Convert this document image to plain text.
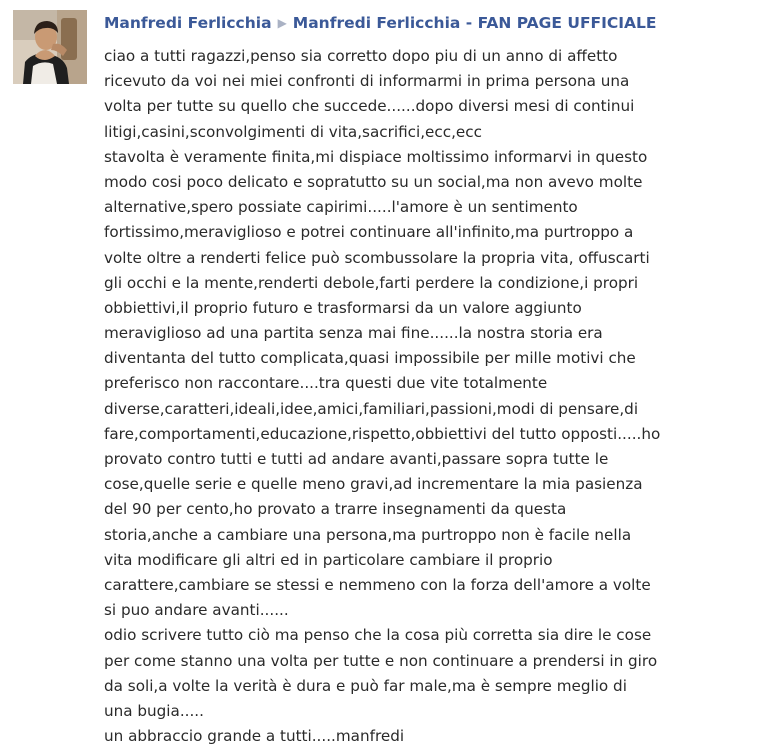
Manfredi Ferlicchia ▶ Manfredi Ferlicchia - FAN PAGE UFFICIALE
ciao a tutti ragazzi,penso sia corretto dopo piu di un anno di affetto
ricevuto da voi nei miei confronti di informarmi in prima persona una
volta per tutte su quello che succede......dopo diversi mesi di continui
litigi,casini,sconvolgimenti di vita,sacrifici,ecc,ecc
stavolta è veramente finita,mi dispiace moltissimo informarvi in questo
modo cosi poco delicato e sopratutto su un social,ma non avevo molte
alternative,spero possiate capirimi.....l'amore è un sentimento
fortissimo,meraviglioso e potrei continuare all'infinito,ma purtroppo a
volte oltre a renderti felice può scombussolare la propria vita, offuscarti
gli occhi e la mente,renderti debole,farti perdere la condizione,i propri
obbiettivi,il proprio futuro e trasformarsi da un valore aggiunto
meraviglioso ad una partita senza mai fine......la nostra storia era
diventanta del tutto complicata,quasi impossibile per mille motivi che
preferisco non raccontare....tra questi due vite totalmente
diverse,caratteri,ideali,idee,amici,familiari,passioni,modi di pensare,di
fare,comportamenti,educazione,rispetto,obbiettivi del tutto opposti.....ho
provato contro tutti e tutti ad andare avanti,passare sopra tutte le
cose,quelle serie e quelle meno gravi,ad incrementare la mia pasienza
del 90 per cento,ho provato a trarre insegnamenti da questa
storia,anche a cambiare una persona,ma purtroppo non è facile nella
vita modificare gli altri ed in particolare cambiare il proprio
carattere,cambiare se stessi e nemmeno con la forza dell'amore a volte
si puo andare avanti......
odio scrivere tutto ciò ma penso che la cosa più corretta sia dire le cose
per come stanno una volta per tutte e non continuare a prendersi in giro
da soli,a volte la verità è dura e può far male,ma è sempre meglio di
una bugia.....
un abbraccio grande a tutti.....manfredi
